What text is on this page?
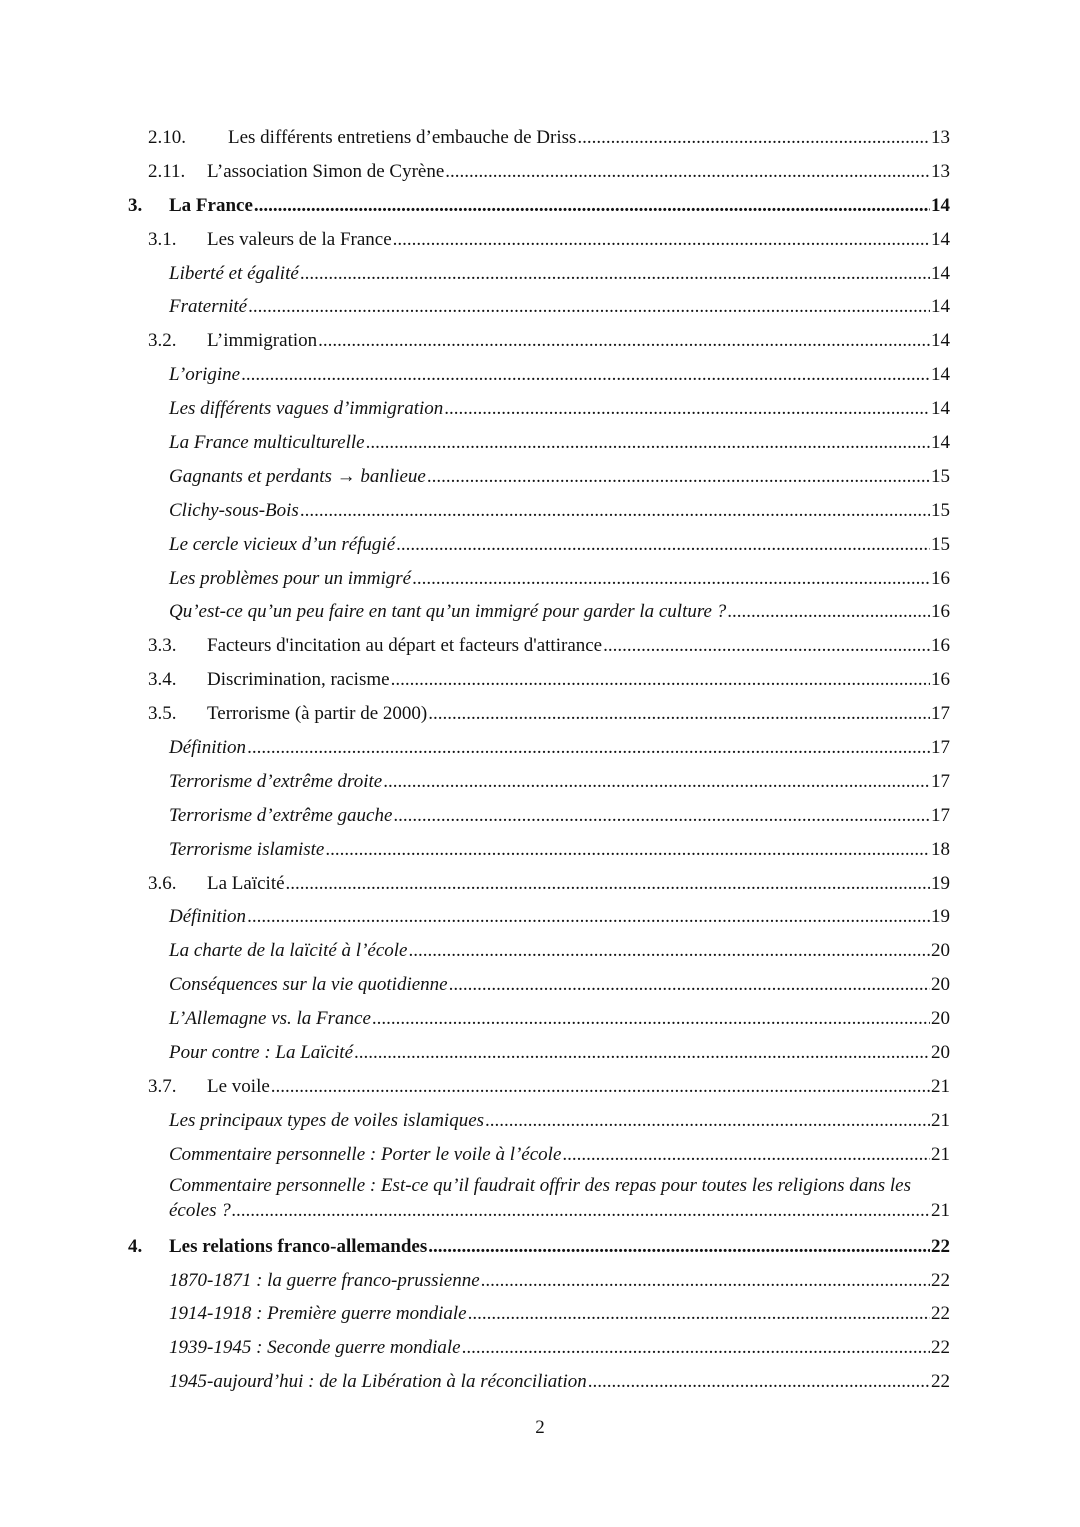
2.10.	Les différents entretiens d’embauche de Driss .....	13
2.11.	L’association Simon de Cyrène .....	13
3.	La France .....	14
3.1.	Les valeurs de la France .....	14
Liberté et égalité .....	14
Fraternité .....	14
3.2.	L’immigration .....	14
L’origine .....	14
Les différents vagues d’immigration .....	14
La France multiculturelle .....	14
Gagnants et perdants → banlieue .....	15
Clichy-sous-Bois .....	15
Le cercle vicieux d’un réfugié .....	15
Les problèmes pour un immigré .....	16
Qu’est-ce qu’un peu faire en tant qu’un immigré pour garder la culture ? .....	16
3.3.	Facteurs d'incitation au départ et facteurs d'attirance .....	16
3.4.	Discrimination, racisme .....	16
3.5.	Terrorisme (à partir de 2000) .....	17
Définition .....	17
Terrorisme d’extrême droite .....	17
Terrorisme d’extrême gauche .....	17
Terrorisme islamiste .....	18
3.6.	La Laïcité .....	19
Définition .....	19
La charte de la laïcité à l’école .....	20
Conséquences sur la vie quotidienne .....	20
L’Allemagne vs. la France .....	20
Pour contre : La Laïcité .....	20
3.7.	Le voile .....	21
Les principaux types de voiles islamiques .....	21
Commentaire personnelle : Porter le voile à l’école .....	21
Commentaire personnelle : Est-ce qu’il faudrait offrir des repas pour toutes les religions dans les
écoles ? .....	21
4.	Les relations franco-allemandes .....	22
1870-1871 : la guerre franco-prussienne .....	22
1914-1918 : Première guerre mondiale .....	22
1939-1945 : Seconde guerre mondiale .....	22
1945-aujourd’hui : de la Libération à la réconciliation .....	22
2
